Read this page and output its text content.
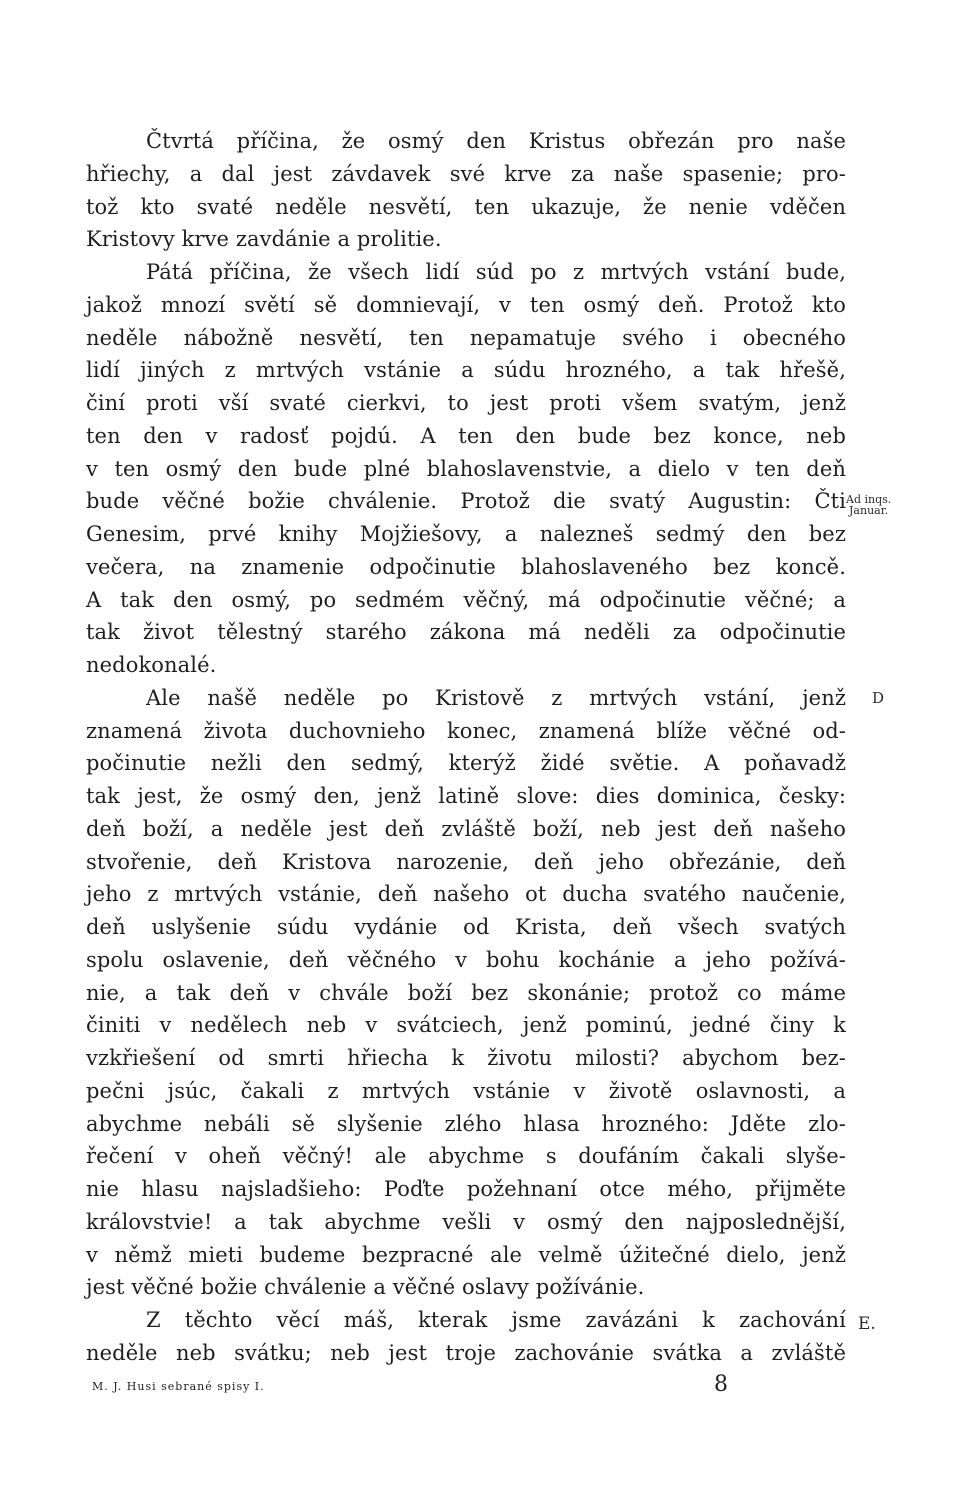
Čtvrtá příčina, že osmý den Kristus obřezán pro naše
hřiechy, a dal jest závdavek své krve za naše spasenie; pro-
tož kto svaté neděle nesvětí, ten ukazuje, že nenie vděčen
Kristovy krve zavdánie a prolitie.
Pátá příčina, že všech lidí súd po z mrtvých vstání bude,
jakož mnozí světí sě domnievají, v ten osmý deň. Protož kto
neděle nábožně nesvětí, ten nepamatuje svého i obecného
lidí jiných z mrtvých vstánie a súdu hrozného, a tak hřešě,
činí proti vší svaté cierkvi, to jest proti všem svatým, jenž
ten den v radosť pojdú. A ten den bude bez konce, neb
v ten osmý den bude plné blahoslavenstvie, a dielo v ten deň
bude věčné božie chválenie. Protož die svatý Augustin: Čti
Genesim, prvé knihy Mojžiešovy, a nalezneš sedmý den bez
večera, na znamenie odpočinutie blahoslaveného bez koncě.
A tak den osmý, po sedmém věčný, má odpočinutie věčné; a
tak život tělestný starého zákona má neděli za odpočinutie
nedokonalé.
Ale našě neděle po Kristově z mrtvých vstání, jenž
znamená života duchovnieho konec, znamená blíže věčné od-
počinutie nežli den sedmý, kterýž židé světie. A poňavadž
tak jest, že osmý den, jenž latině slove: dies dominica, česky:
deň boží, a neděle jest deň zvláště boží, neb jest deň našeho
stvořenie, deň Kristova narozenie, deň jeho obřezánie, deň
jeho z mrtvých vstánie, deň našeho ot ducha svatého naučenie,
deň uslyšenie súdu vydánie od Krista, deň všech svatých
spolu oslavenie, deň věčného v bohu kochánie a jeho požívá-
nie, a tak deň v chvále boží bez skonánie; protož co máme
činiti v nedělech neb v svátciech, jenž pominú, jedné činy k
vzkřiešení od smrti hřiecha k životu milosti? abychom bez-
pečni jsúc, čakali z mrtvých vstánie v životě oslavnosti, a
abychme nebáli sě slyšenie zlého hlasa hrozného: Jděte zlo-
řečení v oheň věčný! ale abychme s doufáním čakali slyše-
nie hlasu najsladšieho: Poďte požehnaní otce mého, přijměte
královstvie! a tak abychme vešli v osmý den najposlednější,
v němž mieti budeme bezpracné ale velmě úžitečné dielo, jenž
jest věčné božie chválenie a věčné oslavy požívánie.
Z těchto věcí máš, kterak jsme zavázáni k zachování
neděle neb svátku; neb jest troje zachovánie svátka a zvláště
Ad inqs.
Januar.
D
E.
M. J. Husi sebrané spisy I.	8
